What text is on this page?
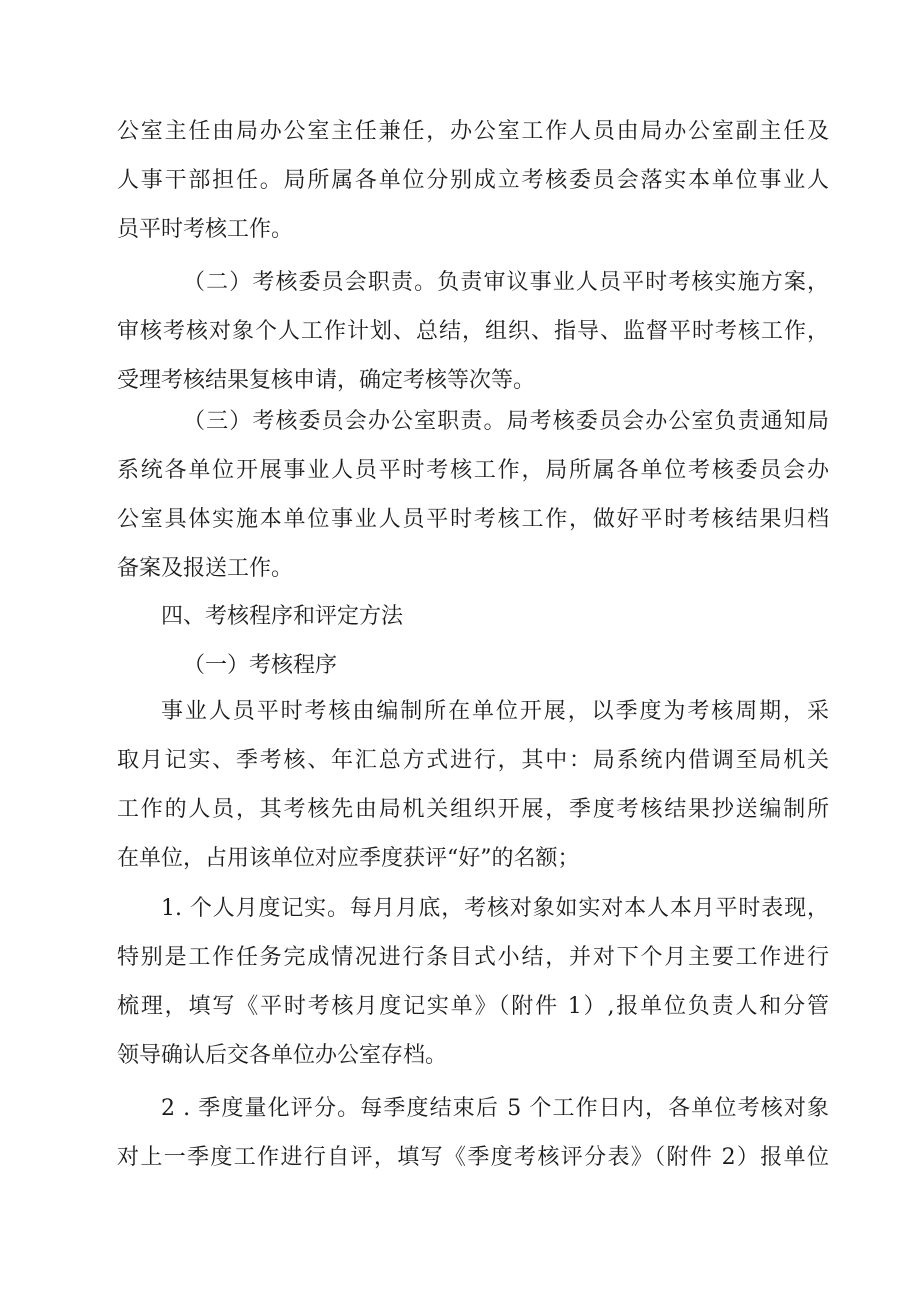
公室主任由局办公室主任兼任，办公室工作人员由局办公室副主任及
人事干部担任。局所属各单位分别成立考核委员会落实本单位事业人
员平时考核工作。
（二）考核委员会职责。负责审议事业人员平时考核实施方案，
审核考核对象个人工作计划、总结，组织、指导、监督平时考核工作，
受理考核结果复核申请，确定考核等次等。
（三）考核委员会办公室职责。局考核委员会办公室负责通知局
系统各单位开展事业人员平时考核工作，局所属各单位考核委员会办
公室具体实施本单位事业人员平时考核工作，做好平时考核结果归档
备案及报送工作。
四、考核程序和评定方法
（一）考核程序
事业人员平时考核由编制所在单位开展，以季度为考核周期，采
取月记实、季考核、年汇总方式进行，其中：局系统内借调至局机关
工作的人员，其考核先由局机关组织开展，季度考核结果抄送编制所
在单位，占用该单位对应季度获评“好”的名额；
1. 个人月度记实。每月月底，考核对象如实对本人本月平时表现，
特别是工作任务完成情况进行条目式小结，并对下个月主要工作进行
梳理，填写《平时考核月度记实单》（附件 1）,报单位负责人和分管
领导确认后交各单位办公室存档。
2 . 季度量化评分。每季度结束后 5 个工作日内，各单位考核对象
对上一季度工作进行自评，填写《季度考核评分表》（附件 2）报单位
